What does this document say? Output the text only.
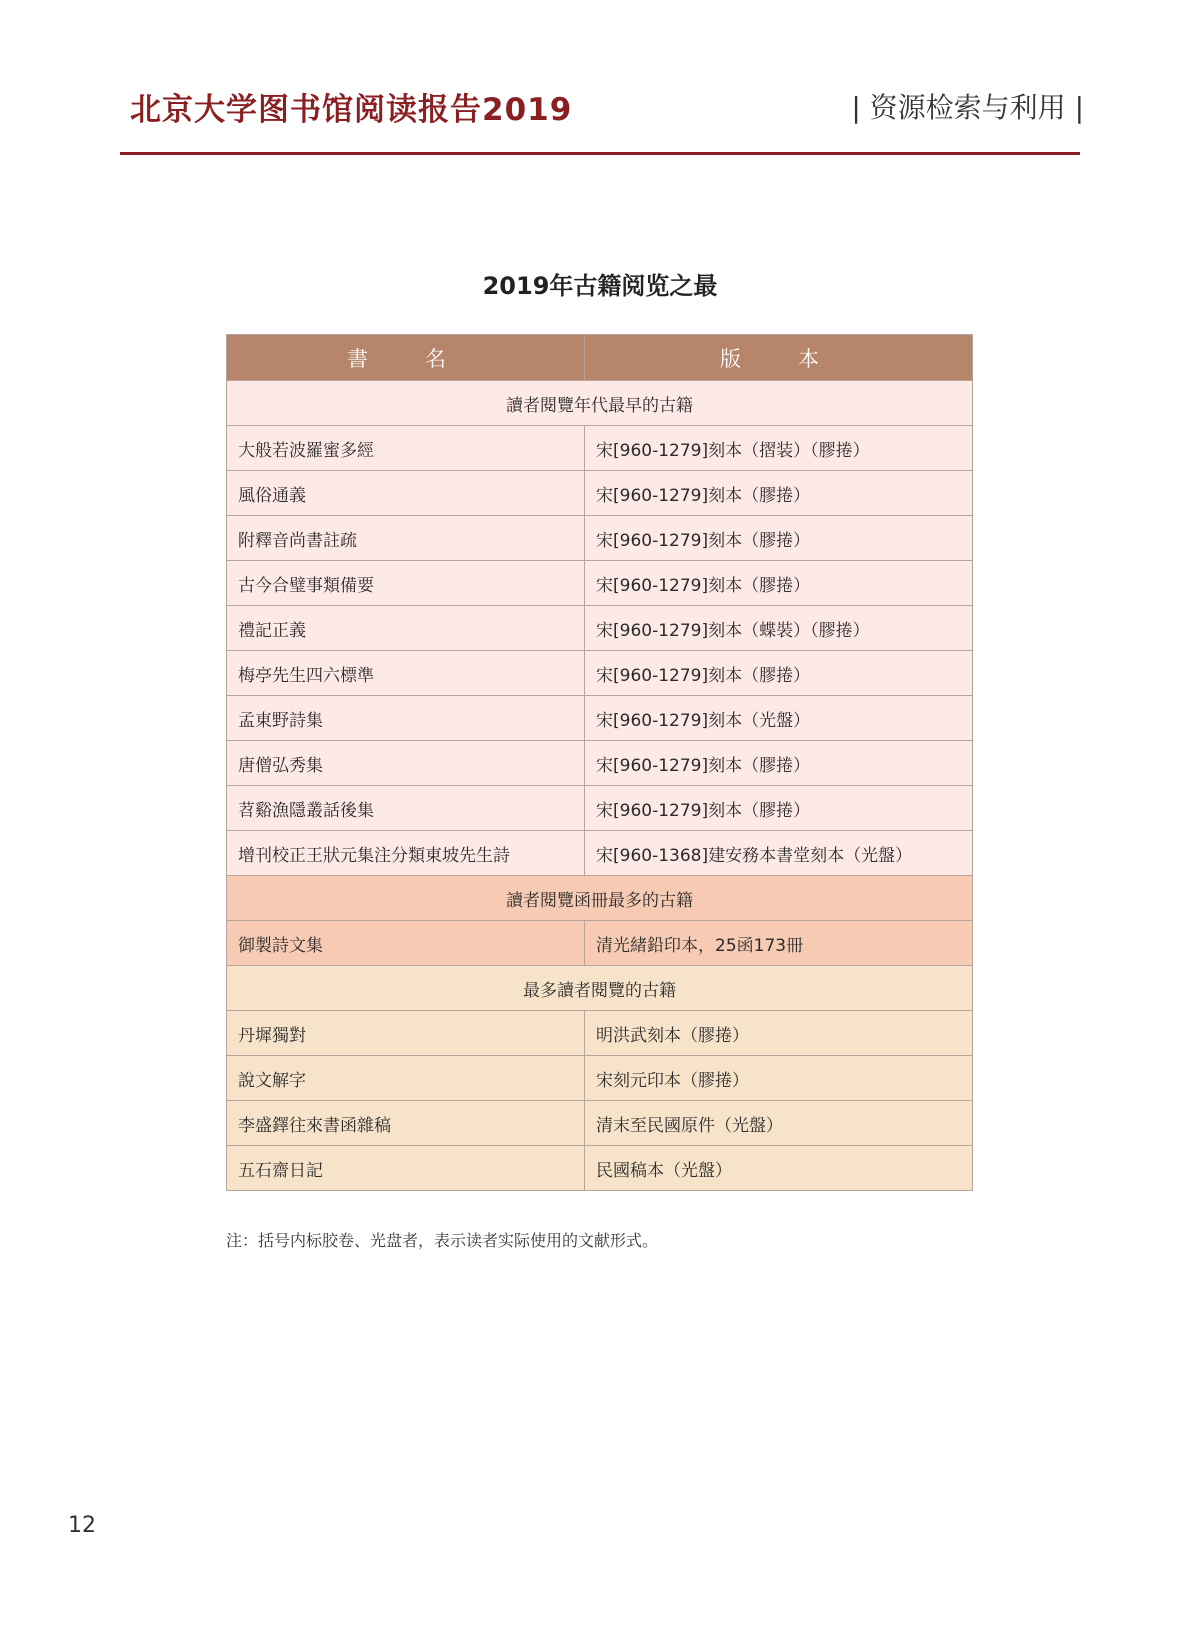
北京大学图书馆阅读报告2019	| 资源检索与利用 |
2019年古籍阅览之最
書　名	版　本
讀者閱覽年代最早的古籍	
大般若波羅蜜多經	宋[960-1279]刻本（摺装）（膠捲）
風俗通義	宋[960-1279]刻本（膠捲）
附釋音尚書註疏	宋[960-1279]刻本（膠捲）
古今合璧事類備要	宋[960-1279]刻本（膠捲）
禮記正義	宋[960-1279]刻本（蝶裝）（膠捲）
梅亭先生四六標準	宋[960-1279]刻本（膠捲）
孟東野詩集	宋[960-1279]刻本（光盤）
唐僧弘秀集	宋[960-1279]刻本（膠捲）
苕谿漁隱叢話後集	宋[960-1279]刻本（膠捲）
增刊校正王狀元集注分類東坡先生詩	宋[960-1368]建安務本書堂刻本（光盤）
讀者閱覽函冊最多的古籍	
御製詩文集	清光緒鉛印本，25函173冊
最多讀者閱覽的古籍	
丹墀獨對	明洪武刻本（膠捲）
說文解字	宋刻元印本（膠捲）
李盛鐸往來書函雜稿	清末至民國原件（光盤）
五石齋日記	民國稿本（光盤）
注：括号内标胶卷、光盘者，表示读者实际使用的文献形式。
12
